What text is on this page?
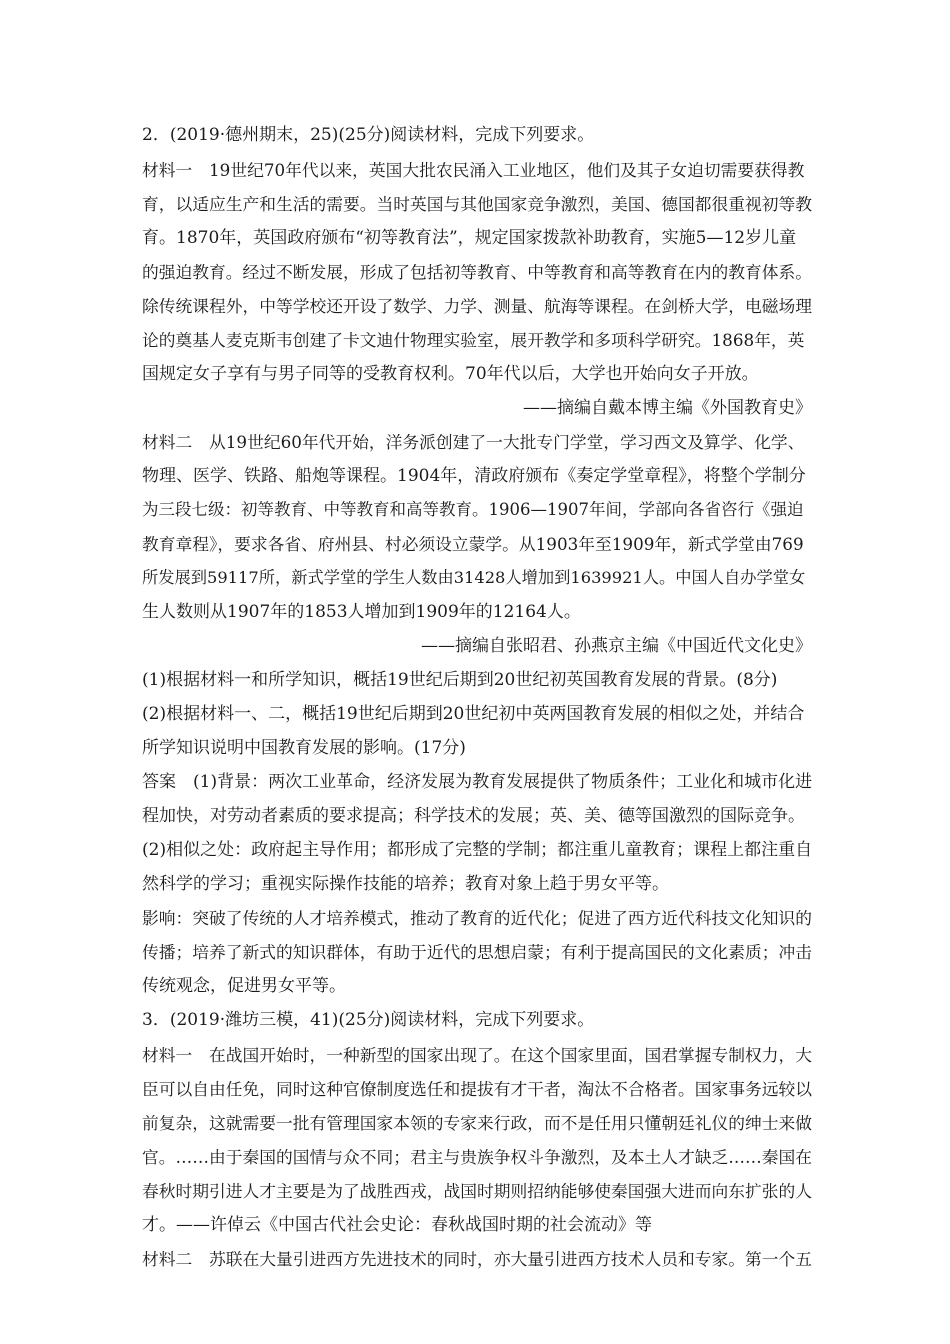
2．(2019·德州期末，25)(25分)阅读材料，完成下列要求。
材料一　19世纪70年代以来，英国大批农民涌入工业地区，他们及其子女迫切需要获得教
育，以适应生产和生活的需要。当时英国与其他国家竞争激烈，美国、德国都很重视初等教
育。1870年，英国政府颁布“初等教育法”，规定国家拨款补助教育，实施5—12岁儿童
的强迫教育。经过不断发展，形成了包括初等教育、中等教育和高等教育在内的教育体系。
除传统课程外，中等学校还开设了数学、力学、测量、航海等课程。在剑桥大学，电磁场理
论的奠基人麦克斯韦创建了卡文迪什物理实验室，展开教学和多项科学研究。1868年，英
国规定女子享有与男子同等的受教育权利。70年代以后，大学也开始向女子开放。
——摘编自戴本博主编《外国教育史》
材料二　从19世纪60年代开始，洋务派创建了一大批专门学堂，学习西文及算学、化学、
物理、医学、铁路、船炮等课程。1904年，清政府颁布《奏定学堂章程》，将整个学制分
为三段七级：初等教育、中等教育和高等教育。1906—1907年间，学部向各省咨行《强迫
教育章程》，要求各省、府州县、村必须设立蒙学。从1903年至1909年，新式学堂由769
所发展到59117所，新式学堂的学生人数由31428人增加到1639921人。中国人自办学堂女
生人数则从1907年的1853人增加到1909年的12164人。
——摘编自张昭君、孙燕京主编《中国近代文化史》
(1)根据材料一和所学知识，概括19世纪后期到20世纪初英国教育发展的背景。(8分)
(2)根据材料一、二，概括19世纪后期到20世纪初中英两国教育发展的相似之处，并结合
所学知识说明中国教育发展的影响。(17分)
答案　(1)背景：两次工业革命，经济发展为教育发展提供了物质条件；工业化和城市化进
程加快，对劳动者素质的要求提高；科学技术的发展；英、美、德等国激烈的国际竞争。
(2)相似之处：政府起主导作用；都形成了完整的学制；都注重儿童教育；课程上都注重自
然科学的学习；重视实际操作技能的培养；教育对象上趋于男女平等。
影响：突破了传统的人才培养模式，推动了教育的近代化；促进了西方近代科技文化知识的
传播；培养了新式的知识群体，有助于近代的思想启蒙；有利于提高国民的文化素质；冲击
传统观念，促进男女平等。
3．(2019·潍坊三模，41)(25分)阅读材料，完成下列要求。
材料一　在战国开始时，一种新型的国家出现了。在这个国家里面，国君掌握专制权力，大
臣可以自由任免，同时这种官僚制度选任和提拔有才干者，淘汰不合格者。国家事务远较以
前复杂，这就需要一批有管理国家本领的专家来行政，而不是任用只懂朝廷礼仪的绅士来做
官。……由于秦国的国情与众不同；君主与贵族争权斗争激烈，及本土人才缺乏……秦国在
春秋时期引进人才主要是为了战胜西戎，战国时期则招纳能够使秦国强大进而向东扩张的人
才。——许倬云《中国古代社会史论：春秋战国时期的社会流动》等
材料二　苏联在大量引进西方先进技术的同时，亦大量引进西方技术人员和专家。第一个五
